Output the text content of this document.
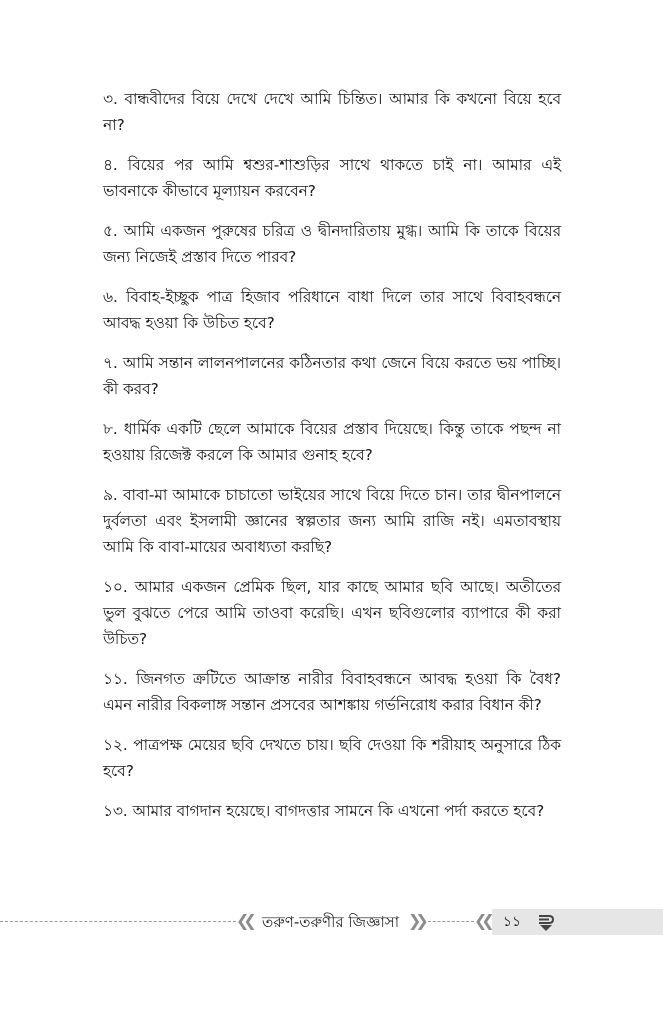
৩. বান্ধবীদের বিয়ে দেখে দেখে আমি চিন্তিত। আমার কি কখনো বিয়ে হবে না?

৪. বিয়ের পর আমি শ্বশুর-শাশুড়ির সাথে থাকতে চাই না। আমার এই ভাবনাকে কীভাবে মূল্যায়ন করবেন?

৫. আমি একজন পুরুষের চরিত্র ও দ্বীনদারিতায় মুগ্ধ। আমি কি তাকে বিয়ের জন্য নিজেই প্রস্তাব দিতে পারব?

৬. বিবাহ-ইচ্ছুক পাত্র হিজাব পরিধানে বাধা দিলে তার সাথে বিবাহবন্ধনে আবদ্ধ হওয়া কি উচিত হবে?

৭. আমি সন্তান লালনপালনের কঠিনতার কথা জেনে বিয়ে করতে ভয় পাচ্ছি। কী করব?

৮. ধার্মিক একটি ছেলে আমাকে বিয়ের প্রস্তাব দিয়েছে। কিন্তু তাকে পছন্দ না হওয়ায় রিজেক্ট করলে কি আমার গুনাহ হবে?

৯. বাবা-মা আমাকে চাচাতো ভাইয়ের সাথে বিয়ে দিতে চান। তার দ্বীনপালনে দুর্বলতা এবং ইসলামী জ্ঞানের স্বল্পতার জন্য আমি রাজি নই। এমতাবস্থায় আমি কি বাবা-মায়ের অবাধ্যতা করছি?

১০. আমার একজন প্রেমিক ছিল, যার কাছে আমার ছবি আছে। অতীতের ভুল বুঝতে পেরে আমি তাওবা করেছি। এখন ছবিগুলোর ব্যাপারে কী করা উচিত?

১১. জিনগত ক্রটিতে আক্রান্ত নারীর বিবাহবন্ধনে আবদ্ধ হওয়া কি বৈধ? এমন নারীর বিকলাঙ্গ সন্তান প্রসবের আশঙ্কায় গর্ভনিরোধ করার বিধান কী?

১২. পাত্রপক্ষ মেয়ের ছবি দেখতে চায়। ছবি দেওয়া কি শরীয়াহ অনুসারে ঠিক হবে?

১৩. আমার বাগদান হয়েছে। বাগদত্তার সামনে কি এখনো পর্দা করতে হবে?

❮❮ তরুণ-তরুণীর জিজ্ঞাসা ❯❯	❮❮	১১
